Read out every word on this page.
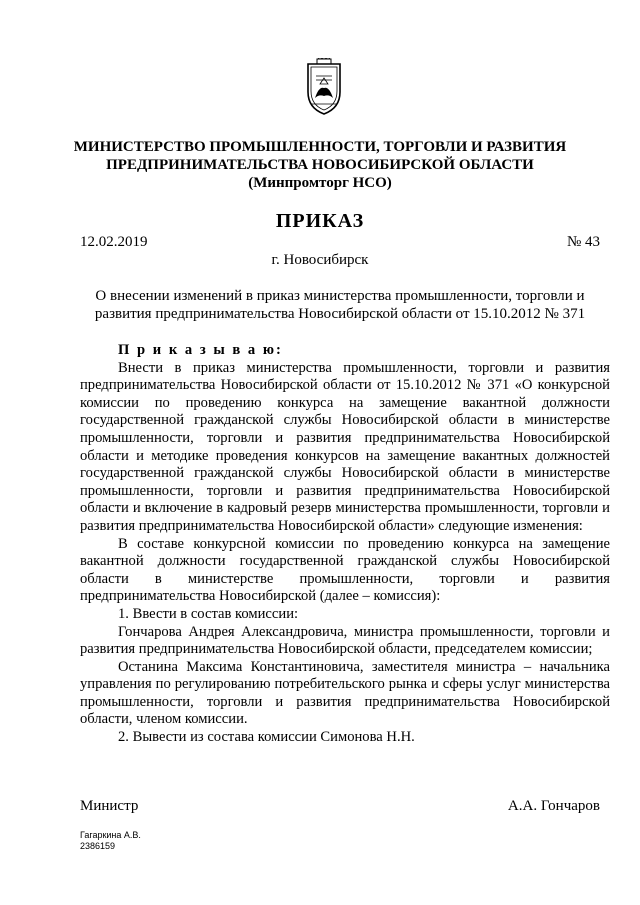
МИНИСТЕРСТВО ПРОМЫШЛЕННОСТИ, ТОРГОВЛИ И РАЗВИТИЯ
ПРЕДПРИНИМАТЕЛЬСТВА НОВОСИБИРСКОЙ ОБЛАСТИ
(Минпромторг НСО)
ПРИКАЗ
12.02.2019	№ 43
г. Новосибирск
О внесении изменений в приказ министерства промышленности, торговли и развития предпринимательства Новосибирской области от 15.10.2012 № 371

П р и к а з ы в а ю:

Внести в приказ министерства промышленности, торговли и развития предпринимательства Новосибирской области от 15.10.2012 № 371 «О конкурсной комиссии по проведению конкурса на замещение вакантной должности государственной гражданской службы Новосибирской области в министерстве промышленности, торговли и развития предпринимательства Новосибирской области и методике проведения конкурсов на замещение вакантных должностей государственной гражданской службы Новосибирской области в министерстве промышленности, торговли и развития предпринимательства Новосибирской области и включение в кадровый резерв министерства промышленности, торговли и развития предпринимательства Новосибирской области» следующие изменения:

В составе конкурсной комиссии по проведению конкурса на замещение вакантной должности государственной гражданской службы Новосибирской области в министерстве промышленности, торговли и развития предпринимательства Новосибирской (далее – комиссия):

1. Ввести в состав комиссии:

Гончарова Андрея Александровича, министра промышленности, торговли и развития предпринимательства Новосибирской области, председателем комиссии;

Останина Максима Константиновича, заместителя министра – начальника управления по регулированию потребительского рынка и сферы услуг министерства промышленности, торговли и развития предпринимательства Новосибирской области, членом комиссии.

2. Вывести из состава комиссии Симонова Н.Н.

Министр	А.А. Гончаров
Гагаркина А.В.
2386159
